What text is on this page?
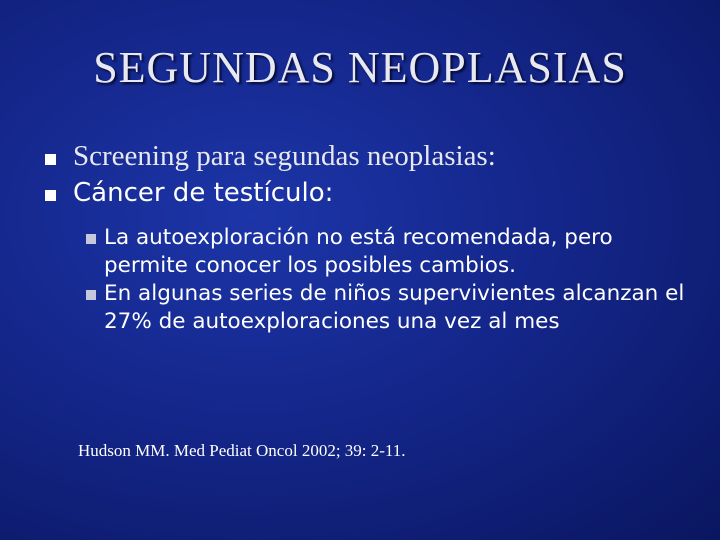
SEGUNDAS NEOPLASIAS
Screening para segundas neoplasias:
Cáncer de testículo:
La autoexploración no está recomendada, pero permite conocer los posibles cambios.
En algunas series de niños supervivientes alcanzan el 27% de autoexploraciones una vez al mes
Hudson MM. Med Pediat Oncol 2002; 39: 2-11.
